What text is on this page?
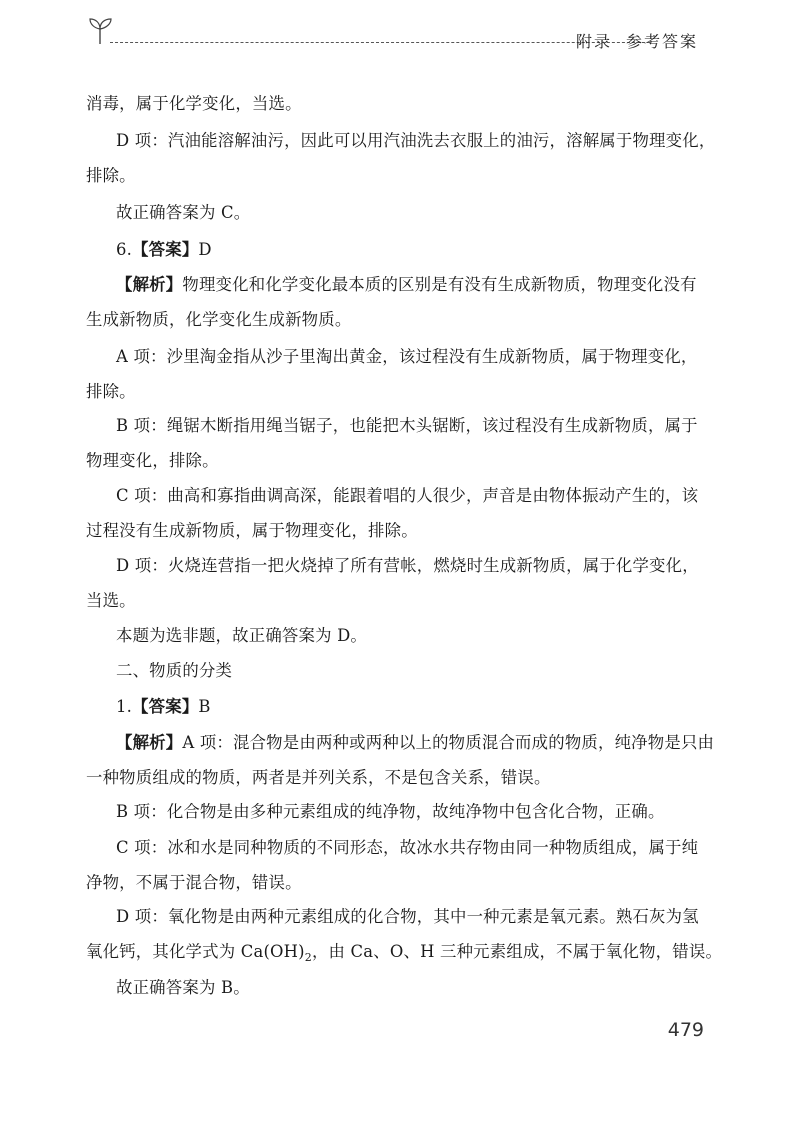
附录 参考答案
消毒，属于化学变化，当选。
D 项：汽油能溶解油污，因此可以用汽油洗去衣服上的油污，溶解属于物理变化，
排除。
故正确答案为 C。
6.【答案】D
【解析】物理变化和化学变化最本质的区别是有没有生成新物质，物理变化没有
生成新物质，化学变化生成新物质。
A 项：沙里淘金指从沙子里淘出黄金，该过程没有生成新物质，属于物理变化，
排除。
B 项：绳锯木断指用绳当锯子，也能把木头锯断，该过程没有生成新物质，属于
物理变化，排除。
C 项：曲高和寡指曲调高深，能跟着唱的人很少，声音是由物体振动产生的，该
过程没有生成新物质，属于物理变化，排除。
D 项：火烧连营指一把火烧掉了所有营帐，燃烧时生成新物质，属于化学变化，
当选。
本题为选非题，故正确答案为 D。
二、物质的分类
1.【答案】B
【解析】A 项：混合物是由两种或两种以上的物质混合而成的物质，纯净物是只由
一种物质组成的物质，两者是并列关系，不是包含关系，错误。
B 项：化合物是由多种元素组成的纯净物，故纯净物中包含化合物，正确。
C 项：冰和水是同种物质的不同形态，故冰水共存物由同一种物质组成，属于纯
净物，不属于混合物，错误。
D 项：氧化物是由两种元素组成的化合物，其中一种元素是氧元素。熟石灰为氢
氧化钙，其化学式为 $Ca(OH)_2$，由 Ca、O、H 三种元素组成，不属于氧化物，错误。
故正确答案为 B。
479
